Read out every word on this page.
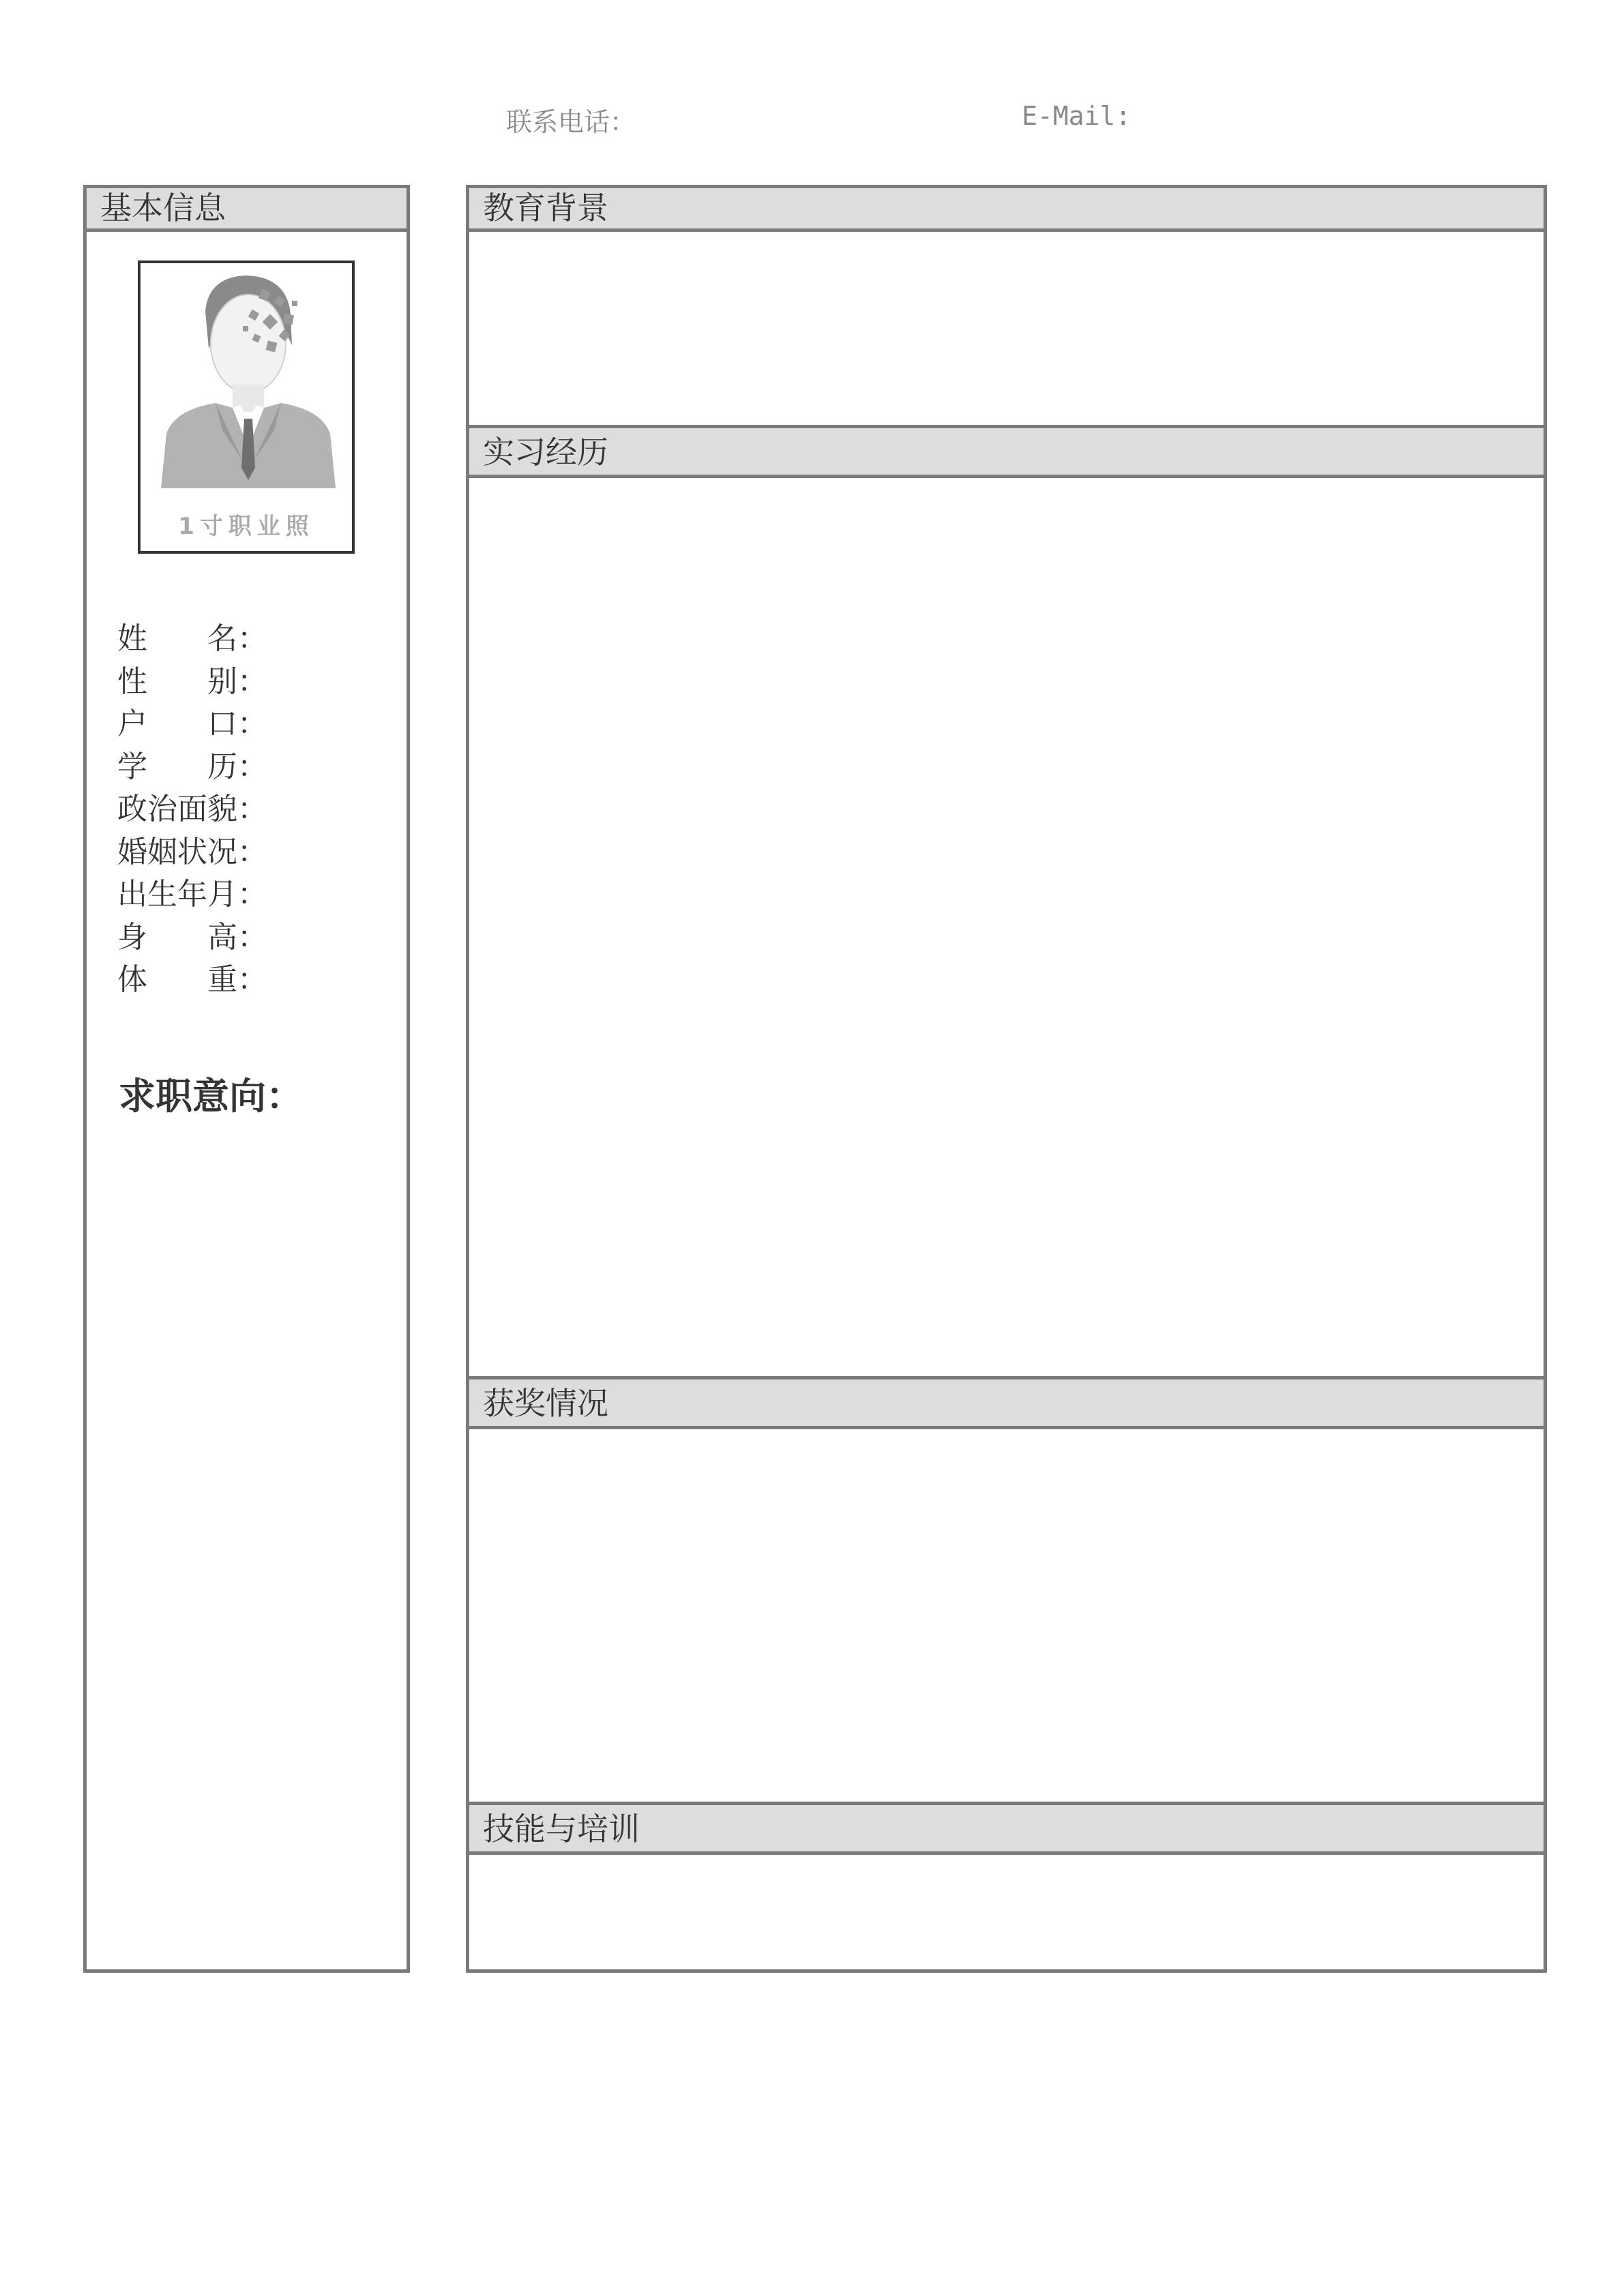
联系电话：	E-Mail:
基本信息
1寸职业照
姓　　名：
性　　别：
户　　口：
学　　历：
政治面貌：
婚姻状况：
出生年月：
身　　高：
体　　重：
求职意向：
教育背景
实习经历
获奖情况
技能与培训
